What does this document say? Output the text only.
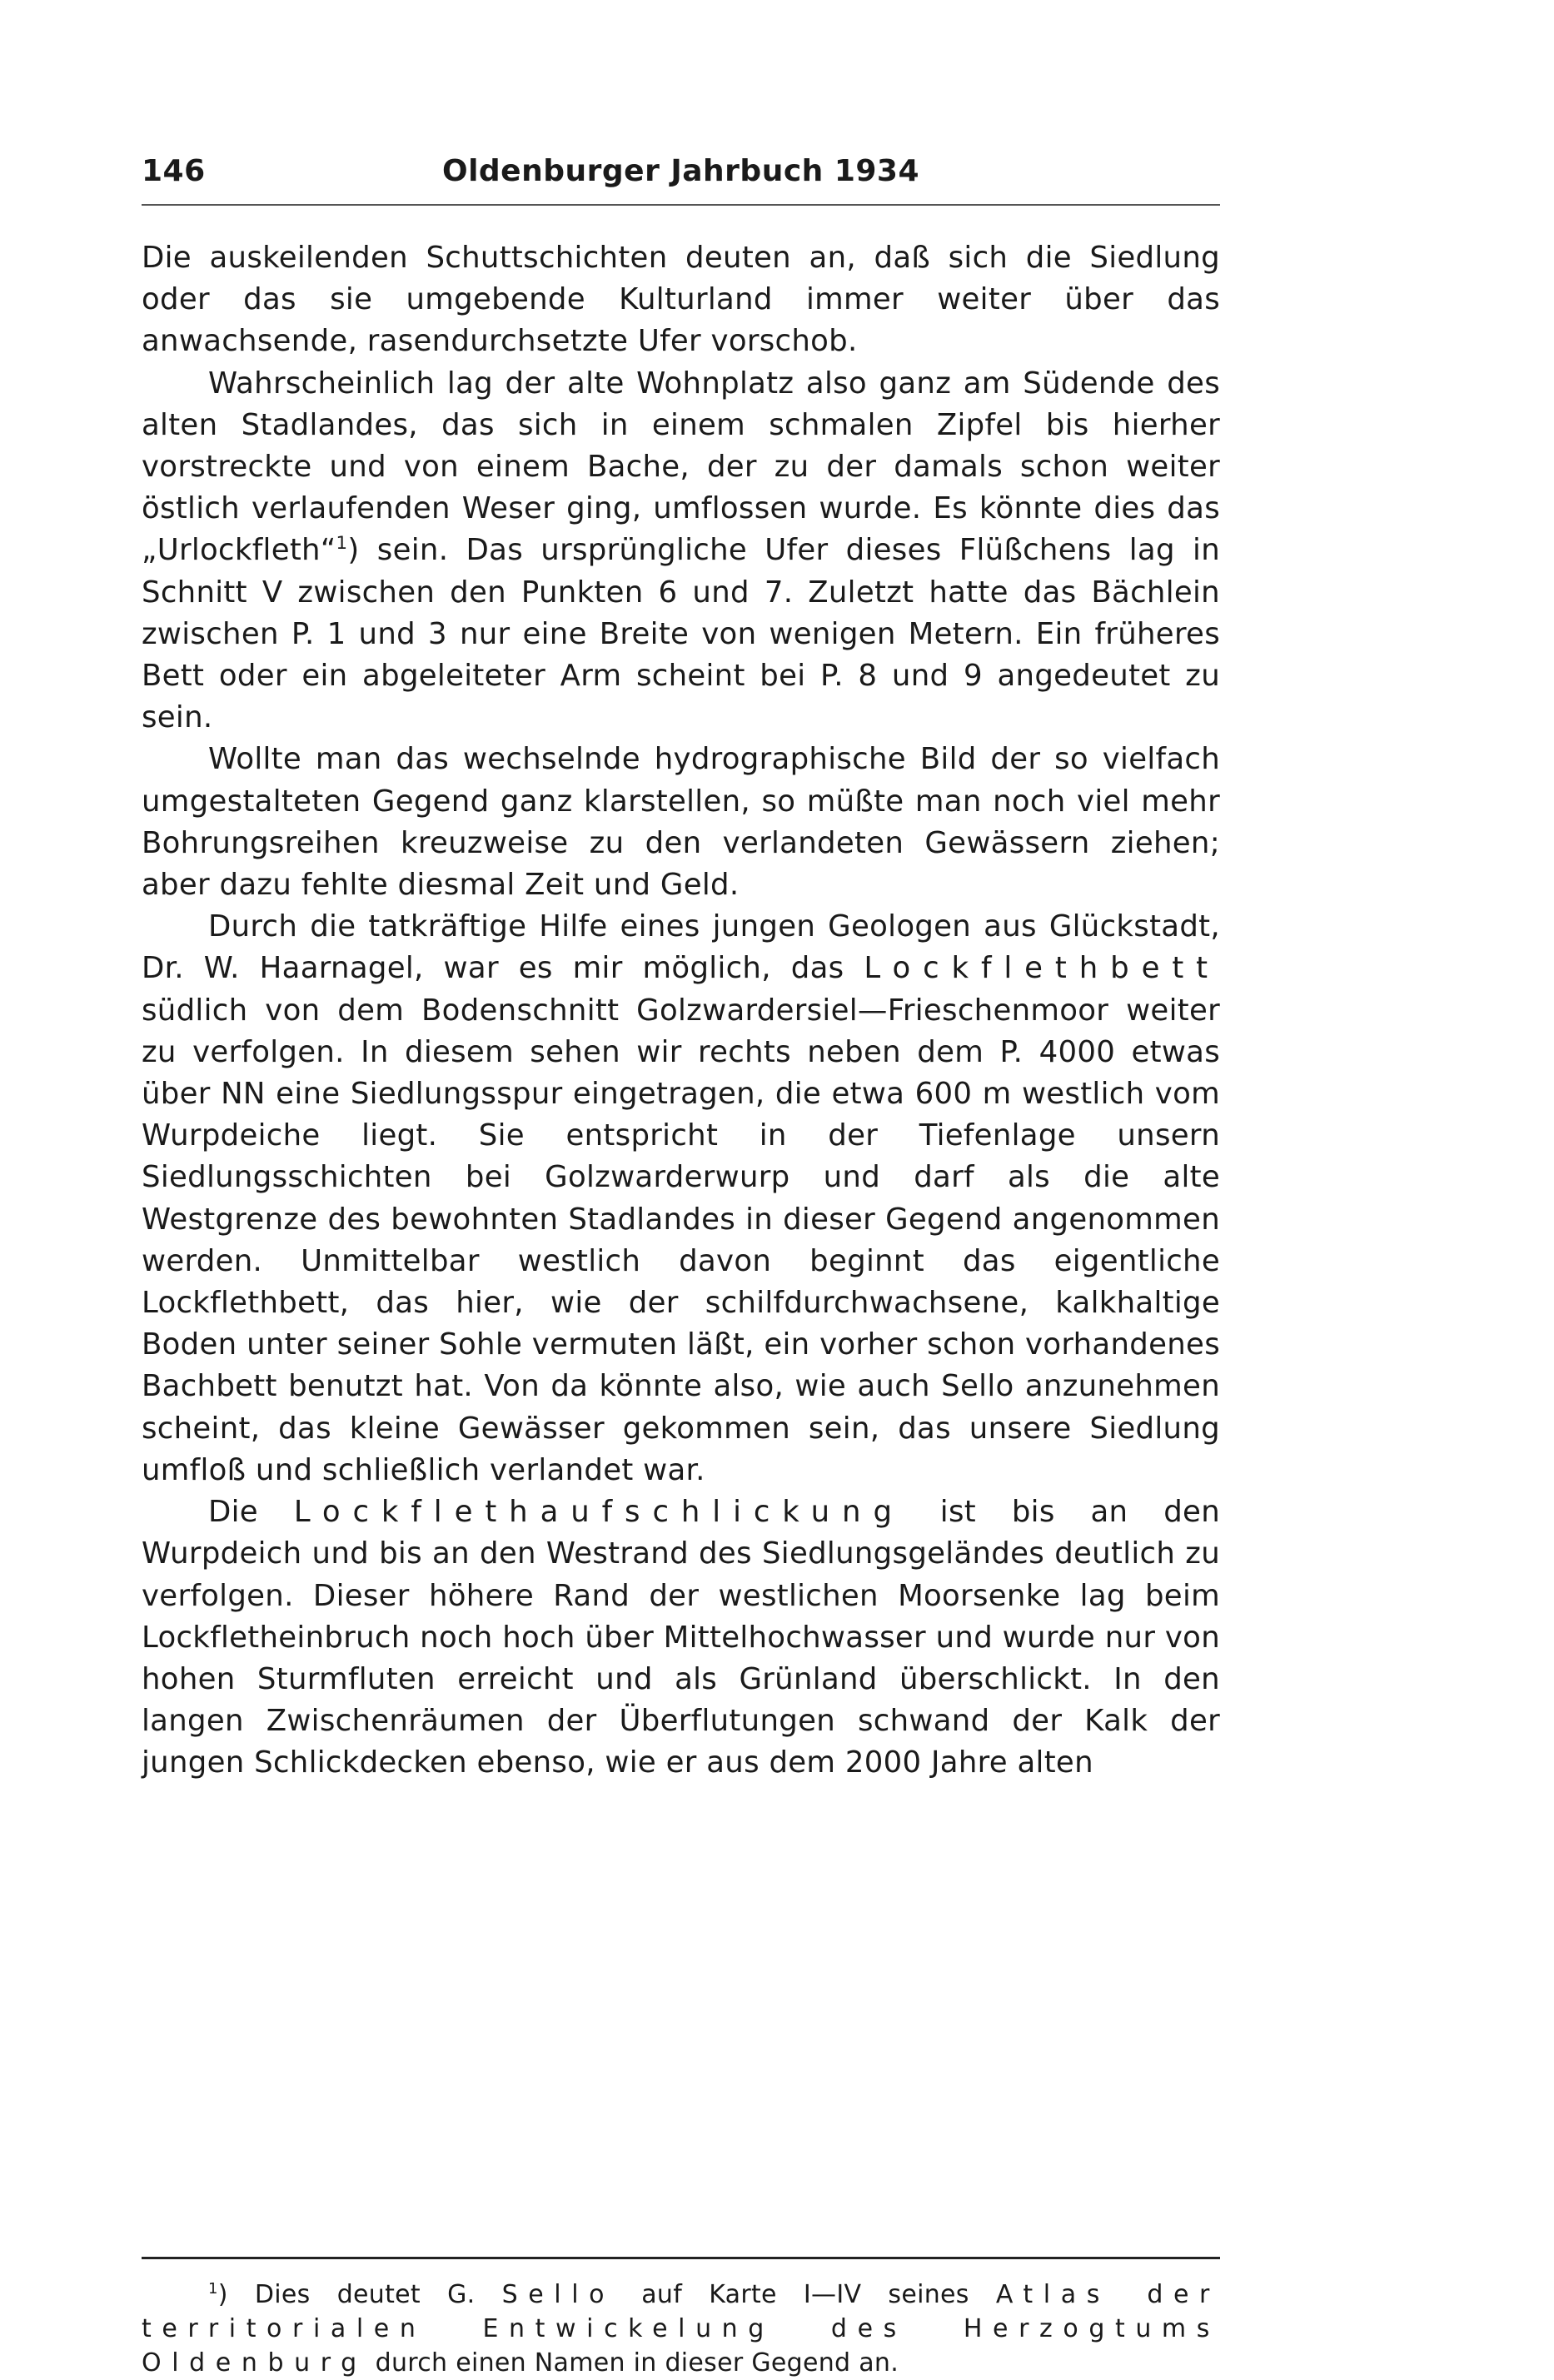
146	Oldenburger Jahrbuch 1934

Die auskeilenden Schuttschichten deuten an, daß sich die Siedlung oder das sie umgebende Kulturland immer weiter über das anwachsende, rasendurchsetzte Ufer vorschob.

Wahrscheinlich lag der alte Wohnplatz also ganz am Südende des alten Stadlandes, das sich in einem schmalen Zipfel bis hierher vorstreckte und von einem Bache, der zu der damals schon weiter östlich verlaufenden Weser ging, umflossen wurde. Es könnte dies das „Urlockfleth“$^1$) sein. Das ursprüngliche Ufer dieses Flüßchens lag in Schnitt V zwischen den Punkten 6 und 7. Zuletzt hatte das Bächlein zwischen P. 1 und 3 nur eine Breite von wenigen Metern. Ein früheres Bett oder ein abgeleiteter Arm scheint bei P. 8 und 9 angedeutet zu sein.

Wollte man das wechselnde hydrographische Bild der so vielfach umgestalteten Gegend ganz klarstellen, so müßte man noch viel mehr Bohrungsreihen kreuzweise zu den verlandeten Gewässern ziehen; aber dazu fehlte diesmal Zeit und Geld.

Durch die tatkräftige Hilfe eines jungen Geologen aus Glückstadt, Dr. W. Haarnagel, war es mir möglich, das Lockflethbett südlich von dem Bodenschnitt Golzwardersiel—Frieschenmoor weiter zu verfolgen. In diesem sehen wir rechts neben dem P. 4000 etwas über NN eine Siedlungsspur eingetragen, die etwa 600 m westlich vom Wurpdeiche liegt. Sie entspricht in der Tiefenlage unsern Siedlungsschichten bei Golzwarderwurp und darf als die alte Westgrenze des bewohnten Stadlandes in dieser Gegend angenommen werden. Unmittelbar westlich davon beginnt das eigentliche Lockflethbett, das hier, wie der schilfdurchwachsene, kalkhaltige Boden unter seiner Sohle vermuten läßt, ein vorher schon vorhandenes Bachbett benutzt hat. Von da könnte also, wie auch Sello anzunehmen scheint, das kleine Gewässer gekommen sein, das unsere Siedlung umfloß und schließlich verlandet war.

Die Lockflethaufschlickung ist bis an den Wurpdeich und bis an den Westrand des Siedlungsgeländes deutlich zu verfolgen. Dieser höhere Rand der westlichen Moorsenke lag beim Lockfletheinbruch noch hoch über Mittelhochwasser und wurde nur von hohen Sturmfluten erreicht und als Grünland überschlickt. In den langen Zwischenräumen der Überflutungen schwand der Kalk der jungen Schlickdecken ebenso, wie er aus dem 2000 Jahre alten

$^1$) Dies deutet G. Sello auf Karte I—IV seines Atlas der territorialen Entwickelung des Herzogtums Oldenburg durch einen Namen in dieser Gegend an.
